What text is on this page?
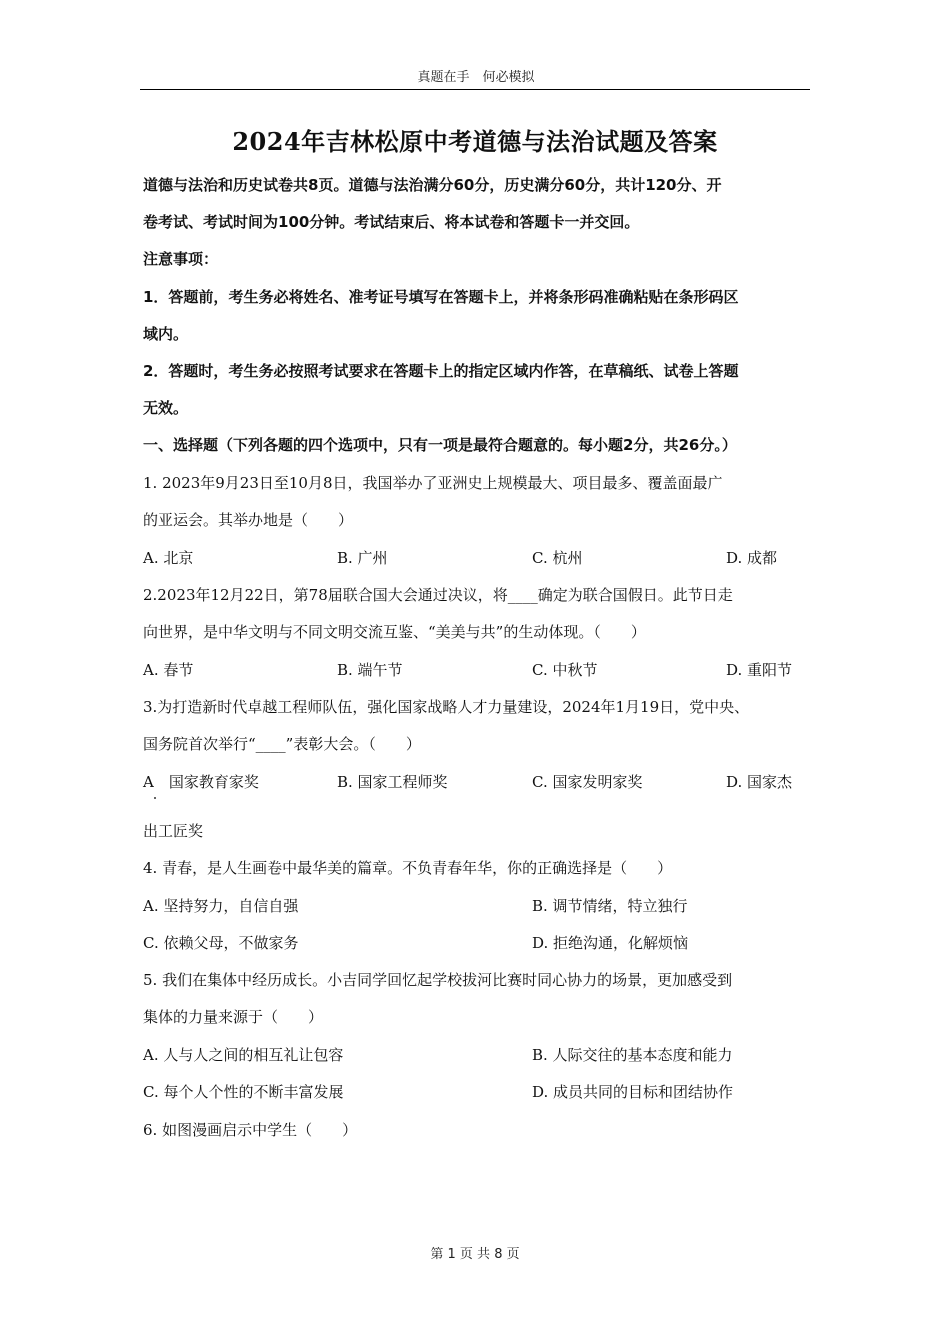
真题在手　何必模拟
2024年吉林松原中考道德与法治试题及答案
道德与法治和历史试卷共8页。道德与法治满分60分，历史满分60分，共计120分、开
卷考试、考试时间为100分钟。考试结束后、将本试卷和答题卡一并交回。
注意事项：
1．答题前，考生务必将姓名、准考证号填写在答题卡上，并将条形码准确粘贴在条形码区
域内。
2．答题时，考生务必按照考试要求在答题卡上的指定区域内作答，在草稿纸、试卷上答题
无效。
一、选择题（下列各题的四个选项中，只有一项是最符合题意的。每小题2分，共26分。）
1. 2023年9月23日至10月8日，我国举办了亚洲史上规模最大、项目最多、覆盖面最广
的亚运会。其举办地是（　　）
A. 北京	B. 广州	C. 杭州	D. 成都
2.2023年12月22日，第78届联合国大会通过决议，将____确定为联合国假日。此节日走
向世界，是中华文明与不同文明交流互鉴、“美美与共”的生动体现。（　　）
A. 春节	B. 端午节	C. 中秋节	D. 重阳节
3.为打造新时代卓越工程师队伍，强化国家战略人才力量建设，2024年1月19日，党中央、
国务院首次举行“____”表彰大会。（　　）
A　国家教育家奖	B. 国家工程师奖	C. 国家发明家奖	D. 国家杰
出工匠奖
4. 青春，是人生画卷中最华美的篇章。不负青春年华，你的正确选择是（　　）
A. 坚持努力，自信自强	B. 调节情绪，特立独行
C. 依赖父母，不做家务	D. 拒绝沟通，化解烦恼
5. 我们在集体中经历成长。小吉同学回忆起学校拔河比赛时同心协力的场景，更加感受到
集体的力量来源于（　　）
A. 人与人之间的相互礼让包容	B. 人际交往的基本态度和能力
C. 每个人个性的不断丰富发展	D. 成员共同的目标和团结协作
6. 如图漫画启示中学生（　　）
第 1 页 共 8 页
